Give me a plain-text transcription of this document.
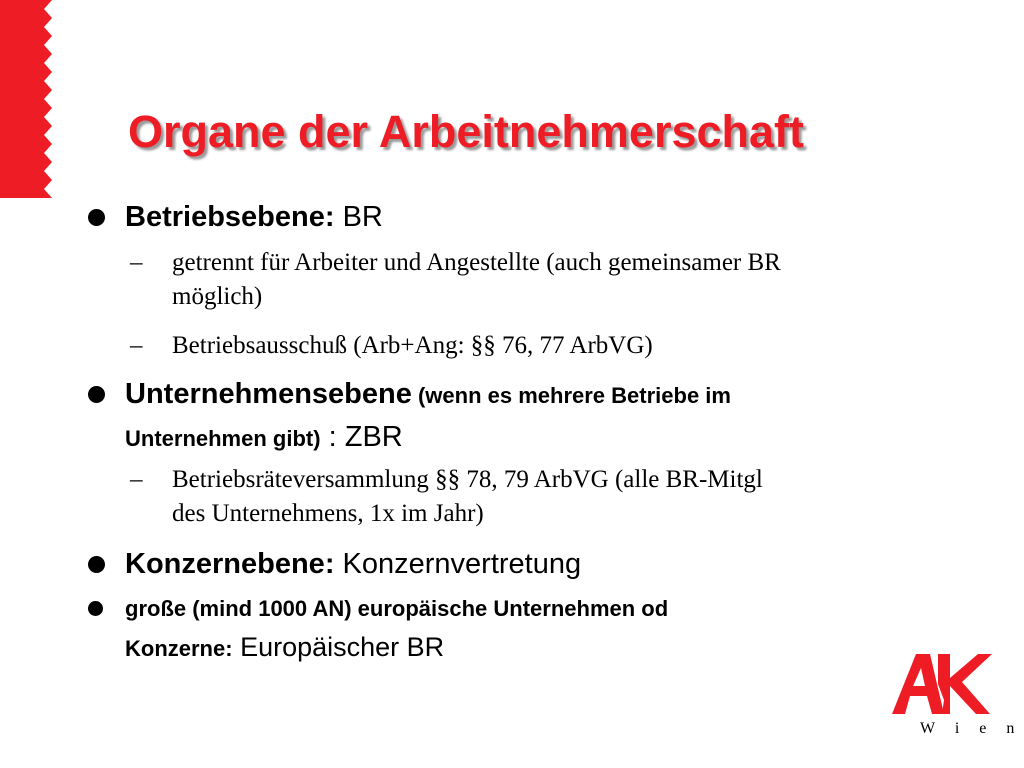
Organe der Arbeitnehmerschaft
Betriebsebene: BR
– getrennt für Arbeiter und Angestellte (auch gemeinsamer BR
möglich)
– Betriebsausschuß (Arb+Ang: §§ 76, 77 ArbVG)
Unternehmensebene (wenn es mehrere Betriebe im
Unternehmen gibt) : ZBR
– Betriebsräteversammlung §§ 78, 79 ArbVG (alle BR-Mitgl
des Unternehmens, 1x im Jahr)
Konzernebene: Konzernvertretung
große (mind 1000 AN) europäische Unternehmen od
Konzerne: Europäischer BR
W i e n
